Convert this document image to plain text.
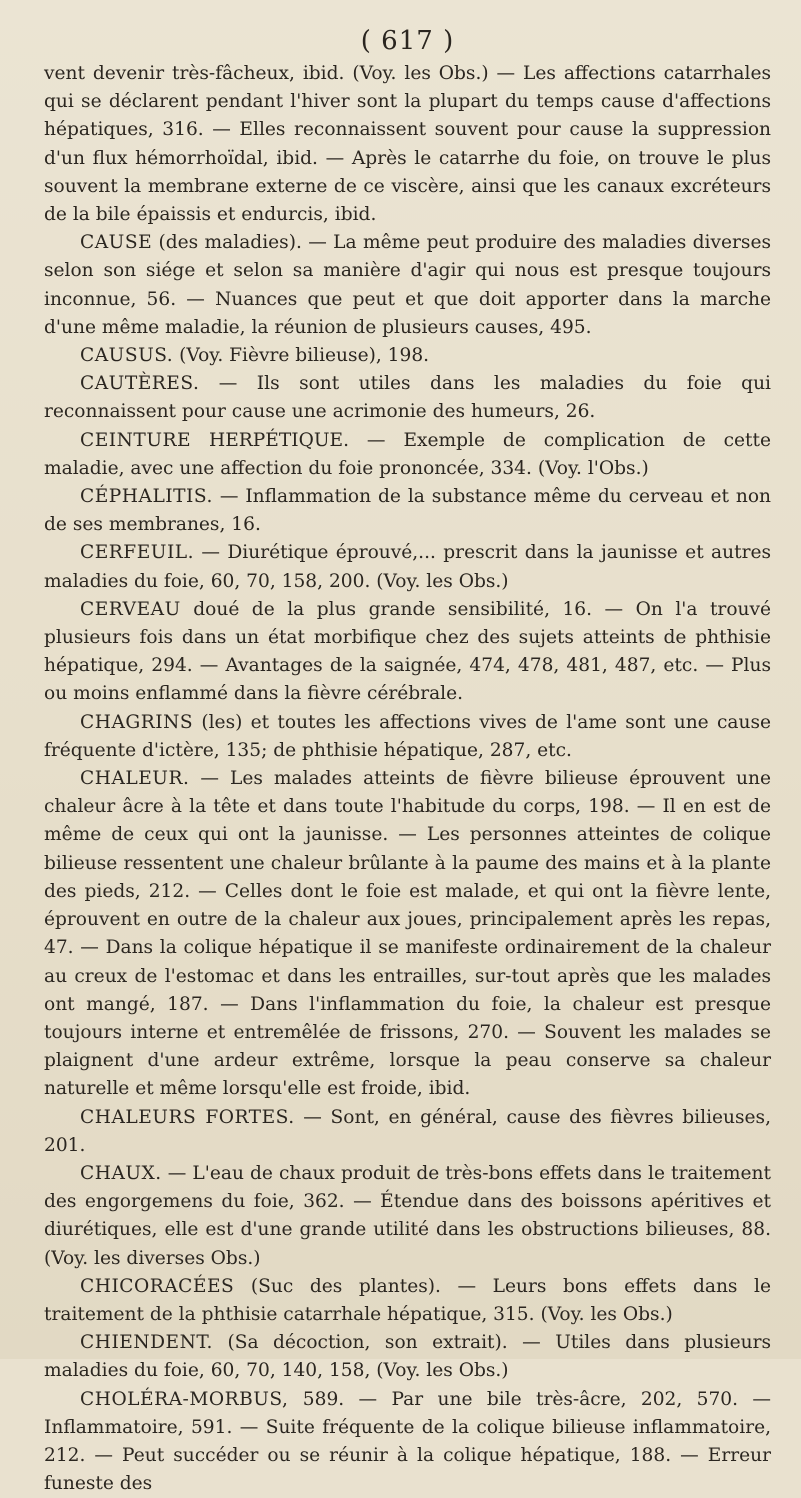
( 617 )

vent devenir très-fâcheux, ibid. (Voy. les Obs.) — Les affections catarrhales qui se déclarent pendant l'hiver sont la plupart du temps cause d'affections hépatiques, 316. — Elles reconnaissent souvent pour cause la suppression d'un flux hémorrhoïdal, ibid. — Après le catarrhe du foie, on trouve le plus souvent la membrane externe de ce viscère, ainsi que les canaux excréteurs de la bile épaissis et endurcis, ibid.

CAUSE (des maladies). — La même peut produire des maladies diverses selon son siége et selon sa manière d'agir qui nous est presque toujours inconnue, 56. — Nuances que peut et que doit apporter dans la marche d'une même maladie, la réunion de plusieurs causes, 495.

CAUSUS. (Voy. Fièvre bilieuse), 198.

CAUTÈRES. — Ils sont utiles dans les maladies du foie qui reconnaissent pour cause une acrimonie des humeurs, 26.

CEINTURE HERPÉTIQUE. — Exemple de complication de cette maladie, avec une affection du foie prononcée, 334. (Voy. l'Obs.)

CÉPHALITIS. — Inflammation de la substance même du cerveau et non de ses membranes, 16.

CERFEUIL. — Diurétique éprouvé,... prescrit dans la jaunisse et autres maladies du foie, 60, 70, 158, 200. (Voy. les Obs.)

CERVEAU doué de la plus grande sensibilité, 16. — On l'a trouvé plusieurs fois dans un état morbifique chez des sujets atteints de phthisie hépatique, 294. — Avantages de la saignée, 474, 478, 481, 487, etc. — Plus ou moins enflammé dans la fièvre cérébrale.

CHAGRINS (les) et toutes les affections vives de l'ame sont une cause fréquente d'ictère, 135; de phthisie hépatique, 287, etc.

CHALEUR. — Les malades atteints de fièvre bilieuse éprouvent une chaleur âcre à la tête et dans toute l'habitude du corps, 198. — Il en est de même de ceux qui ont la jaunisse. — Les personnes atteintes de colique bilieuse ressentent une chaleur brûlante à la paume des mains et à la plante des pieds, 212. — Celles dont le foie est malade, et qui ont la fièvre lente, éprouvent en outre de la chaleur aux joues, principalement après les repas, 47. — Dans la colique hépatique il se manifeste ordinairement de la chaleur au creux de l'estomac et dans les entrailles, sur-tout après que les malades ont mangé, 187. — Dans l'inflammation du foie, la chaleur est presque toujours interne et entremêlée de frissons, 270. — Souvent les malades se plaignent d'une ardeur extrême, lorsque la peau conserve sa chaleur naturelle et même lorsqu'elle est froide, ibid.

CHALEURS FORTES. — Sont, en général, cause des fièvres bilieuses, 201.

CHAUX. — L'eau de chaux produit de très-bons effets dans le traitement des engorgemens du foie, 362. — Étendue dans des boissons apéritives et diurétiques, elle est d'une grande utilité dans les obstructions bilieuses, 88. (Voy. les diverses Obs.)

CHICORACÉES (Suc des plantes). — Leurs bons effets dans le traitement de la phthisie catarrhale hépatique, 315. (Voy. les Obs.)

CHIENDENT. (Sa décoction, son extrait). — Utiles dans plusieurs maladies du foie, 60, 70, 140, 158, (Voy. les Obs.)

CHOLÉRA-MORBUS, 589. — Par une bile très-âcre, 202, 570. — Inflammatoire, 591. — Suite fréquente de la colique bilieuse inflammatoire, 212. — Peut succéder ou se réunir à la colique hépatique, 188. — Erreur funeste des
